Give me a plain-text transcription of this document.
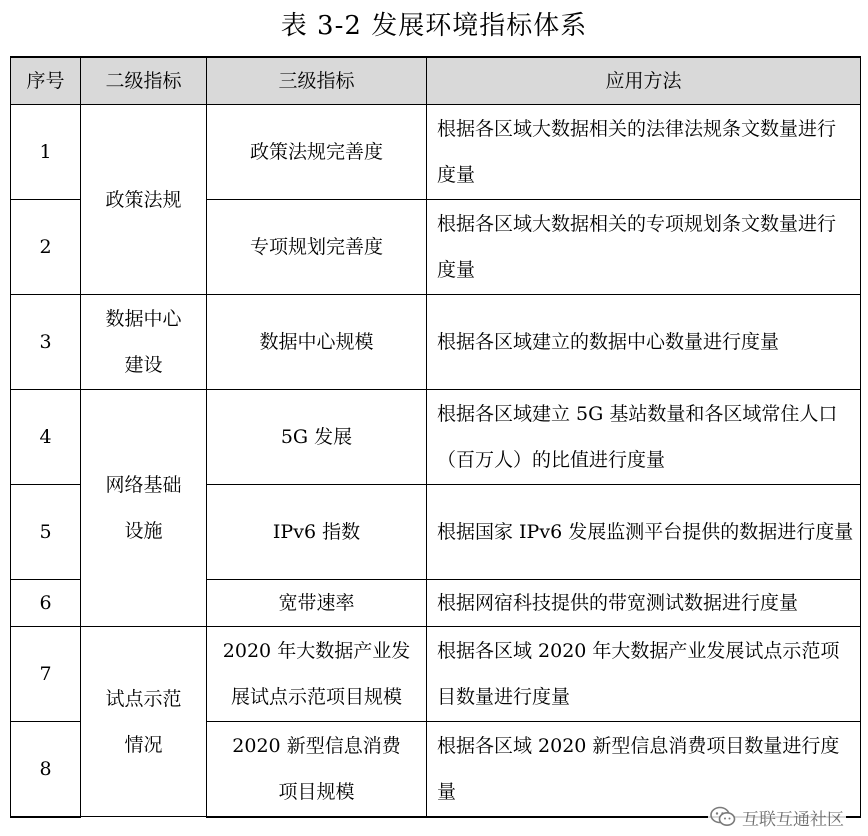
表 3-2 发展环境指标体系
序号	二级指标	三级指标	应用方法
1	政策法规	政策法规完善度	根据各区域大数据相关的法律法规条文数量进行度量
2		专项规划完善度	根据各区域大数据相关的专项规划条文数量进行度量
3	数据中心建设	数据中心规模	根据各区域建立的数据中心数量进行度量
4	网络基础设施	5G 发展	根据各区域建立 5G 基站数量和各区域常住人口（百万人）的比值进行度量
5		IPv6 指数	根据国家 IPv6 发展监测平台提供的数据进行度量
6		宽带速率	根据网宿科技提供的带宽测试数据进行度量
7	试点示范情况	2020 年大数据产业发展试点示范项目规模	根据各区域 2020 年大数据产业发展试点示范项目数量进行度量
8		2020 新型信息消费项目规模	根据各区域 2020 新型信息消费项目数量进行度量
互联互通社区
